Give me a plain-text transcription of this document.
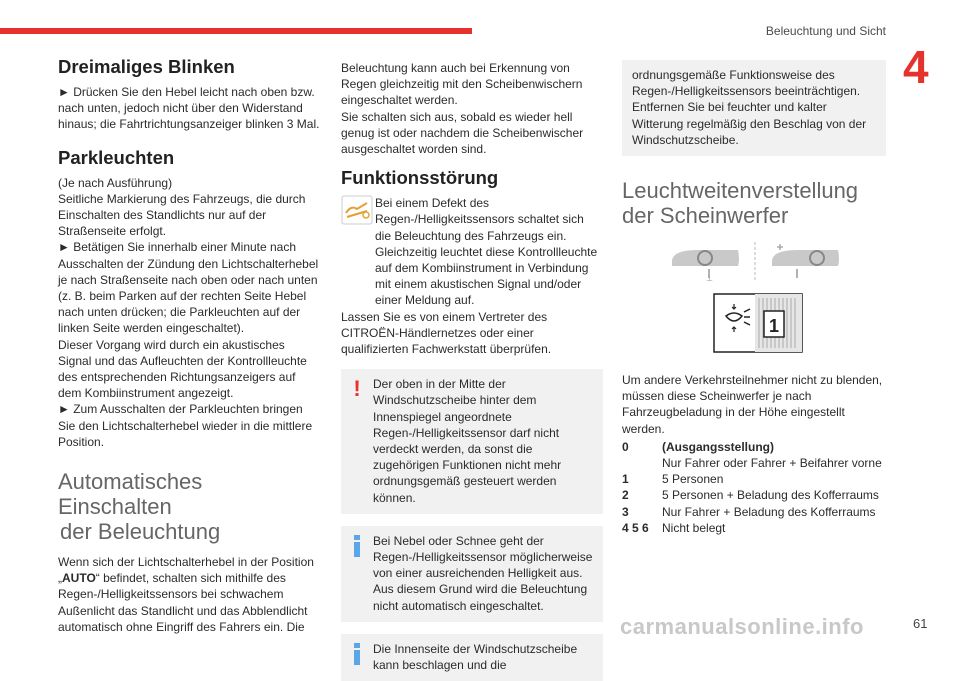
Beleuchtung und Sicht
4
Dreimaliges Blinken

► Drücken Sie den Hebel leicht nach oben bzw. nach unten, jedoch nicht über den Widerstand hinaus; die Fahrtrichtungsanzeiger blinken 3 Mal.

Parkleuchten

(Je nach Ausführung)

Seitliche Markierung des Fahrzeugs, die durch Einschalten des Standlichts nur auf der Straßenseite erfolgt.

► Betätigen Sie innerhalb einer Minute nach Ausschalten der Zündung den Lichtschalterhebel je nach Straßenseite nach oben oder nach unten (z. B. beim Parken auf der rechten Seite Hebel nach unten drücken; die Parkleuchten auf der linken Seite werden eingeschaltet).

Dieser Vorgang wird durch ein akustisches Signal und das Aufleuchten der Kontrollleuchte des entsprechenden Richtungsanzeigers auf dem Kombiinstrument angezeigt.

► Zum Ausschalten der Parkleuchten bringen Sie den Lichtschalterhebel wieder in die mittlere Position.

Automatisches Einschalten
der Beleuchtung

Wenn sich der Lichtschalterhebel in der Position „AUTO“ befindet, schalten sich mithilfe des Regen-/Helligkeitssensors bei schwachem Außenlicht das Standlicht und das Abblendlicht automatisch ohne Eingriff des Fahrers ein. Die

Beleuchtung kann auch bei Erkennung von Regen gleichzeitig mit den Scheibenwischern eingeschaltet werden.

Sie schalten sich aus, sobald es wieder hell genug ist oder nachdem die Scheibenwischer ausgeschaltet worden sind.

Funktionsstörung

Bei einem Defekt des Regen-/Helligkeitssensors schaltet sich die Beleuchtung des Fahrzeugs ein. Gleichzeitig leuchtet diese Kontrollleuchte auf dem Kombiinstrument in Verbindung mit einem akustischen Signal und/oder einer Meldung auf.

Lassen Sie es von einem Vertreter des CITROËN-Händlernetzes oder einer qualifizierten Fachwerkstatt überprüfen.

!	Der oben in der Mitte der Windschutzscheibe hinter dem Innenspiegel angeordnete Regen-/Helligkeitssensor darf nicht verdeckt werden, da sonst die zugehörigen Funktionen nicht mehr ordnungsgemäß gesteuert werden können.

Bei Nebel oder Schnee geht der Regen-/Helligkeitssensor möglicherweise von einer ausreichenden Helligkeit aus. Aus diesem Grund wird die Beleuchtung nicht automatisch eingeschaltet.

Die Innenseite der Windschutzscheibe kann beschlagen und die

ordnungsgemäße Funktionsweise des Regen-/Helligkeitssensors beeinträchtigen.

Entfernen Sie bei feuchter und kalter Witterung regelmäßig den Beschlag von der Windschutzscheibe.

Leuchtweitenverstellung
der Scheinwerfer
⊥
1

Um andere Verkehrsteilnehmer nicht zu blenden, müssen diese Scheinwerfer je nach Fahrzeugbeladung in der Höhe eingestellt werden.

0	(Ausgangsstellung)
Nur Fahrer oder Fahrer + Beifahrer vorne
1	5 Personen
2	5 Personen + Beladung des Kofferraums
3	Nur Fahrer + Beladung des Kofferraums
4 5 6	Nicht belegt
carmanualsonline.info	61
